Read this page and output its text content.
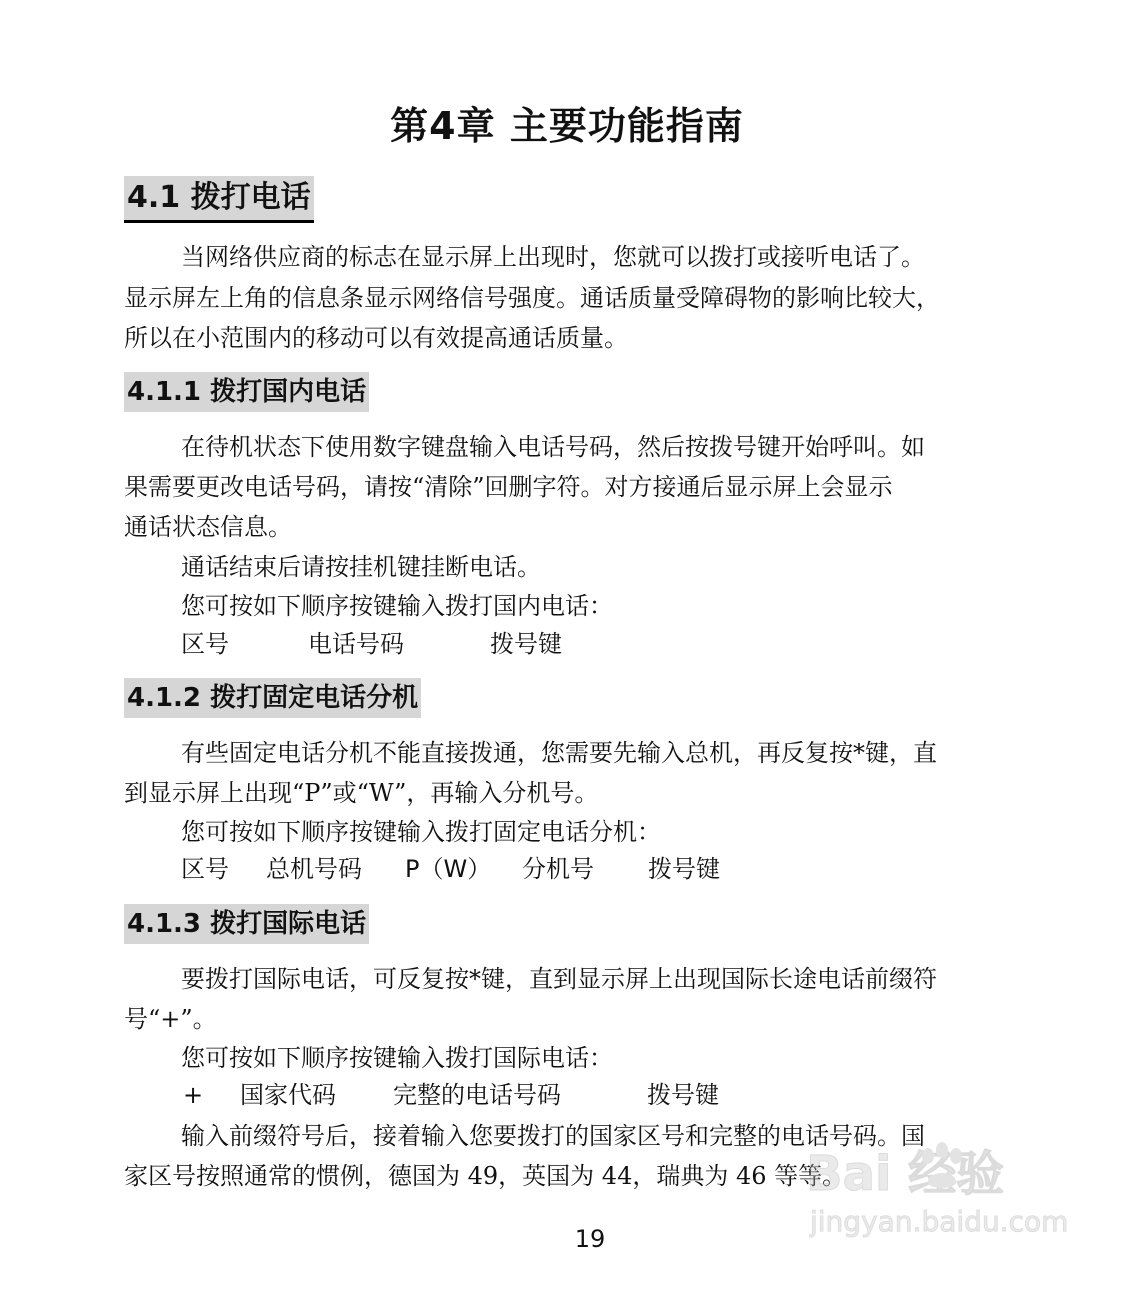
第4章 主要功能指南
4.1 拨打电话
当网络供应商的标志在显示屏上出现时，您就可以拨打或接听电话了。
显示屏左上角的信息条显示网络信号强度。通话质量受障碍物的影响比较大，
所以在小范围内的移动可以有效提高通话质量。
4.1.1 拨打国内电话
在待机状态下使用数字键盘输入电话号码，然后按拨号键开始呼叫。如
果需要更改电话号码，请按“清除”回删字符。对方接通后显示屏上会显示
通话状态信息。
通话结束后请按挂机键挂断电话。
您可按如下顺序按键输入拨打国内电话：
区号	电话号码	拨号键
4.1.2 拨打固定电话分机
有些固定电话分机不能直接拨通，您需要先输入总机，再反复按*键，直
到显示屏上出现“P”或“W”，再输入分机号。
您可按如下顺序按键输入拨打固定电话分机：
区号 总机号码 P（W） 分机号 拨号键
4.1.3 拨打国际电话
要拨打国际电话，可反复按*键，直到显示屏上出现国际长途电话前缀符
号“+”。
您可按如下顺序按键输入拨打国际电话：
+ 国家代码 完整的电话号码	拨号键
输入前缀符号后，接着输入您要拨打的国家区号和完整的电话号码。国
家区号按照通常的惯例，德国为 49，英国为 44，瑞典为 46 等等。
19
Bai 经验
jingyan.baidu.com
